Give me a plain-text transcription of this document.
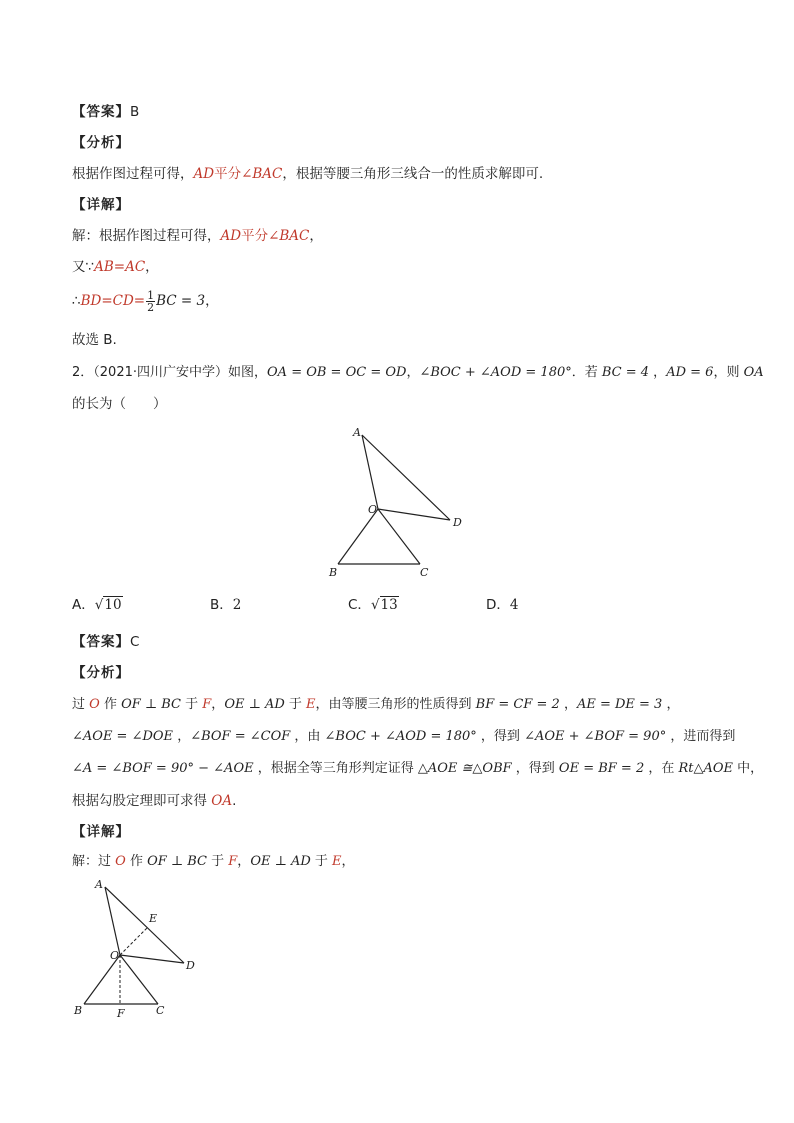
【答案】B
【分析】
根据作图过程可得，AD平分∠BAC，根据等腰三角形三线合一的性质求解即可.
【详解】
解：根据作图过程可得，AD平分∠BAC，
又∵AB=AC，
∴BD=CD= $\frac{1}{2}$ BC = 3，
故选 B.
2．（2021·四川广安中学）如图，OA = OB = OC = OD，∠BOC + ∠AOD = 180°．若 BC = 4 ，AD = 6，则 OA
的长为（　　）
A
O
D
B	C
A．√10	B．2	C．√13	D．4
【答案】C
【分析】
过 O 作 OF ⊥ BC 于 F，OE ⊥ AD 于 E，由等腰三角形的性质得到 BF = CF = 2 ，AE = DE = 3 ，
∠AOE = ∠DOE ，∠BOF = ∠COF ，由 ∠BOC + ∠AOD = 180° ，得到 ∠AOE + ∠BOF = 90° ，进而得到
∠A = ∠BOF = 90° − ∠AOE ，根据全等三角形判定证得 △AOE ≅△OBF ，得到 OE = BF = 2 ，在 Rt△AOE 中，
根据勾股定理即可求得 OA.
【详解】
解：过 O 作 OF ⊥ BC 于 F，OE ⊥ AD 于 E，
A
E
O
D
B	F	C
